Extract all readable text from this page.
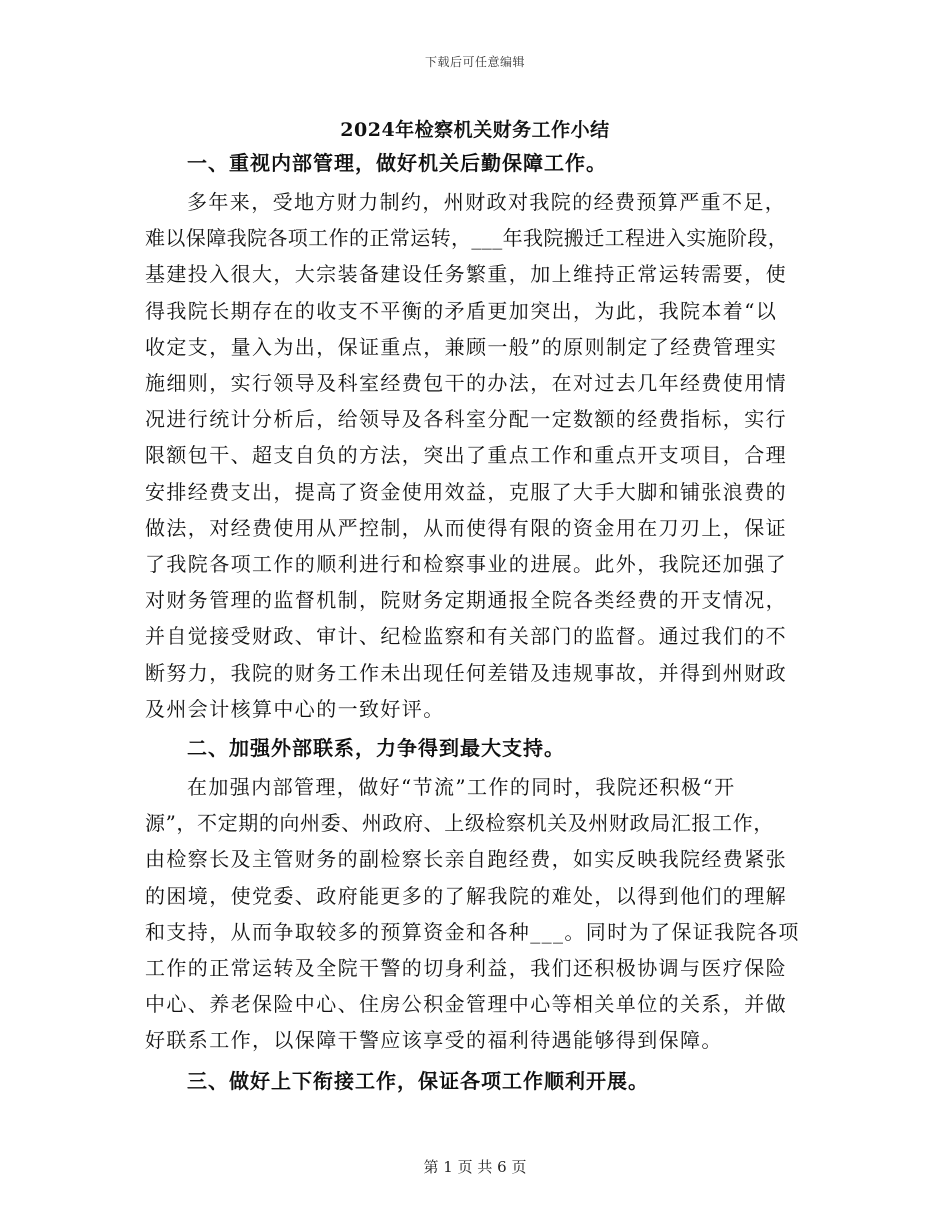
下载后可任意编辑
2024年检察机关财务工作小结
一、重视内部管理，做好机关后勤保障工作。

多年来，受地方财力制约，州财政对我院的经费预算严重不足，
难以保障我院各项工作的正常运转，___年我院搬迁工程进入实施阶段，
基建投入很大，大宗装备建设任务繁重，加上维持正常运转需要，使
得我院长期存在的收支不平衡的矛盾更加突出，为此，我院本着“以
收定支，量入为出，保证重点，兼顾一般”的原则制定了经费管理实
施细则，实行领导及科室经费包干的办法，在对过去几年经费使用情
况进行统计分析后，给领导及各科室分配一定数额的经费指标，实行
限额包干、超支自负的方法，突出了重点工作和重点开支项目，合理
安排经费支出，提高了资金使用效益，克服了大手大脚和铺张浪费的
做法，对经费使用从严控制，从而使得有限的资金用在刀刃上，保证
了我院各项工作的顺利进行和检察事业的进展。此外，我院还加强了
对财务管理的监督机制，院财务定期通报全院各类经费的开支情况，
并自觉接受财政、审计、纪检监察和有关部门的监督。通过我们的不
断努力，我院的财务工作未出现任何差错及违规事故，并得到州财政
及州会计核算中心的一致好评。

二、加强外部联系，力争得到最大支持。

在加强内部管理，做好“节流”工作的同时，我院还积极“开
源”，不定期的向州委、州政府、上级检察机关及州财政局汇报工作，
由检察长及主管财务的副检察长亲自跑经费，如实反映我院经费紧张
的困境，使党委、政府能更多的了解我院的难处，以得到他们的理解
和支持，从而争取较多的预算资金和各种___。同时为了保证我院各项
工作的正常运转及全院干警的切身利益，我们还积极协调与医疗保险
中心、养老保险中心、住房公积金管理中心等相关单位的关系，并做
好联系工作，以保障干警应该享受的福利待遇能够得到保障。

三、做好上下衔接工作，保证各项工作顺利开展。
第 1 页 共 6 页
